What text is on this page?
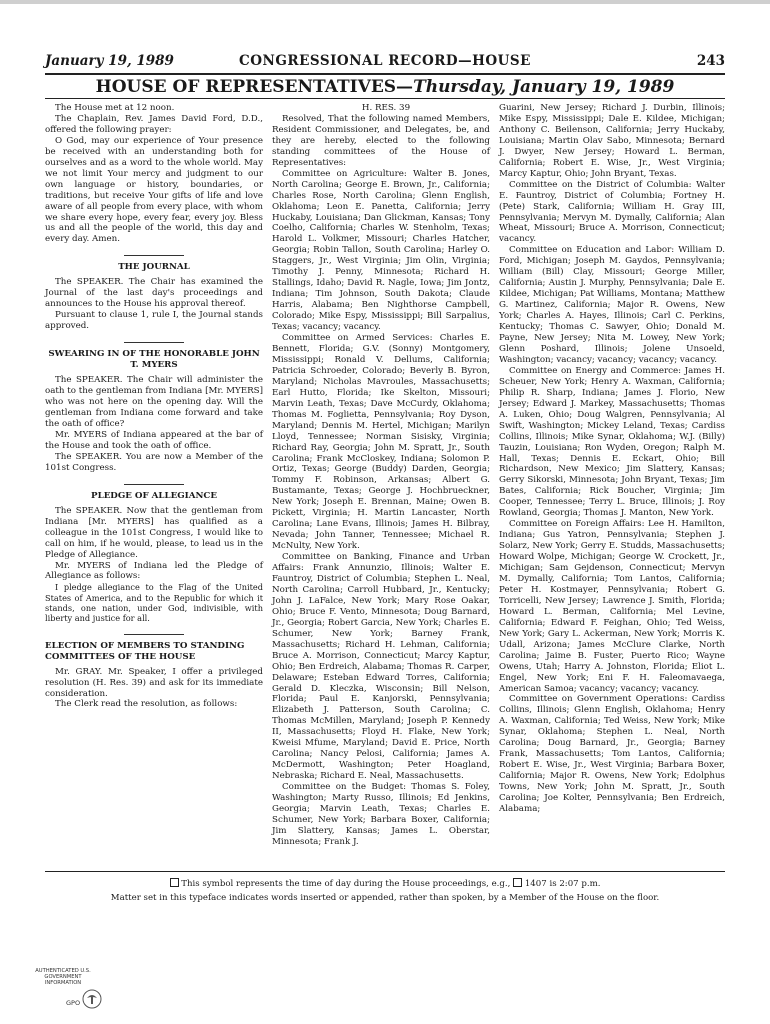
January 19, 1989	CONGRESSIONAL RECORD—HOUSE	243
HOUSE OF REPRESENTATIVES—Thursday, January 19, 1989

The House met at 12 noon.

The Chaplain, Rev. James David Ford, D.D., offered the following prayer:

O God, may our experience of Your presence be received with an understanding both for ourselves and as a word to the whole world. May we not limit Your mercy and judgment to our own language or history, boundaries, or traditions, but receive Your gifts of life and love aware of all people from every place, with whom we share every hope, every fear, every joy. Bless us and all the people of the world, this day and every day. Amen.

THE JOURNAL

The SPEAKER. The Chair has examined the Journal of the last day's proceedings and announces to the House his approval thereof.

Pursuant to clause 1, rule I, the Journal stands approved.

SWEARING IN OF THE HONORABLE JOHN T. MYERS

The SPEAKER. The Chair will administer the oath to the gentleman from Indiana [Mr. MYERS] who was not here on the opening day. Will the gentleman from Indiana come forward and take the oath of office?

Mr. MYERS of Indiana appeared at the bar of the House and took the oath of office.

The SPEAKER. You are now a Member of the 101st Congress.

PLEDGE OF ALLEGIANCE

The SPEAKER. Now that the gentleman from Indiana [Mr. MYERS] has qualified as a colleague in the 101st Congress, I would like to call on him, if he would, please, to lead us in the Pledge of Allegiance.

Mr. MYERS of Indiana led the Pledge of Allegiance as follows:

I pledge allegiance to the Flag of the United States of America, and to the Republic for which it stands, one nation, under God, indivisible, with liberty and justice for all.

ELECTION OF MEMBERS TO STANDING COMMITTEES OF THE HOUSE

Mr. GRAY. Mr. Speaker, I offer a privileged resolution (H. Res. 39) and ask for its immediate consideration.

The Clerk read the resolution, as follows:

H. RES. 39

Resolved, That the following named Members, Resident Commissioner, and Delegates, be, and they are hereby, elected to the following standing committees of the House of Representatives:

Committee on Agriculture: Walter B. Jones, North Carolina; George E. Brown, Jr., California; Charles Rose, North Carolina; Glenn English, Oklahoma; Leon E. Panetta, California; Jerry Huckaby, Louisiana; Dan Glickman, Kansas; Tony Coelho, California; Charles W. Stenholm, Texas; Harold L. Volkmer, Missouri; Charles Hatcher, Georgia; Robin Tallon, South Carolina; Harley O. Staggers, Jr., West Virginia; Jim Olin, Virginia; Timothy J. Penny, Minnesota; Richard H. Stallings, Idaho; David R. Nagle, Iowa; Jim Jontz, Indiana; Tim Johnson, South Dakota; Claude Harris, Alabama; Ben Nighthorse Campbell, Colorado; Mike Espy, Mississippi; Bill Sarpalius, Texas; vacancy; vacancy.

Committee on Armed Services: Charles E. Bennett, Florida; G.V. (Sonny) Montgomery, Mississippi; Ronald V. Dellums, California; Patricia Schroeder, Colorado; Beverly B. Byron, Maryland; Nicholas Mavroules, Massachusetts; Earl Hutto, Florida; Ike Skelton, Missouri; Marvin Leath, Texas; Dave McCurdy, Oklahoma; Thomas M. Foglietta, Pennsylvania; Roy Dyson, Maryland; Dennis M. Hertel, Michigan; Marilyn Lloyd, Tennessee; Norman Sisisky, Virginia; Richard Ray, Georgia; John M. Spratt, Jr., South Carolina; Frank McCloskey, Indiana; Solomon P. Ortiz, Texas; George (Buddy) Darden, Georgia; Tommy F. Robinson, Arkansas; Albert G. Bustamante, Texas; George J. Hochbrueckner, New York; Joseph E. Brennan, Maine; Owen B. Pickett, Virginia; H. Martin Lancaster, North Carolina; Lane Evans, Illinois; James H. Bilbray, Nevada; John Tanner, Tennessee; Michael R. McNulty, New York.

Committee on Banking, Finance and Urban Affairs: Frank Annunzio, Illinois; Walter E. Fauntroy, District of Columbia; Stephen L. Neal, North Carolina; Carroll Hubbard, Jr., Kentucky; John J. LaFalce, New York; Mary Rose Oakar, Ohio; Bruce F. Vento, Minnesota; Doug Barnard, Jr., Georgia; Robert Garcia, New York; Charles E. Schumer, New York; Barney Frank, Massachusetts; Richard H. Lehman, California; Bruce A. Morrison, Connecticut; Marcy Kaptur, Ohio; Ben Erdreich, Alabama; Thomas R. Carper, Delaware; Esteban Edward Torres, California; Gerald D. Kleczka, Wisconsin; Bill Nelson, Florida; Paul E. Kanjorski, Pennsylvania; Elizabeth J. Patterson, South Carolina; C. Thomas McMillen, Maryland; Joseph P. Kennedy II, Massachusetts; Floyd H. Flake, New York; Kweisi Mfume, Maryland; David E. Price, North Carolina; Nancy Pelosi, California; James A. McDermott, Washington; Peter Hoagland, Nebraska; Richard E. Neal, Massachusetts.

Committee on the Budget: Thomas S. Foley, Washington; Marty Russo, Illinois; Ed Jenkins, Georgia; Marvin Leath, Texas; Charles E. Schumer, New York; Barbara Boxer, California; Jim Slattery, Kansas; James L. Oberstar, Minnesota; Frank J.

Guarini, New Jersey; Richard J. Durbin, Illinois; Mike Espy, Mississippi; Dale E. Kildee, Michigan; Anthony C. Beilenson, California; Jerry Huckaby, Louisiana; Martin Olav Sabo, Minnesota; Bernard J. Dwyer, New Jersey; Howard L. Berman, California; Robert E. Wise, Jr., West Virginia; Marcy Kaptur, Ohio; John Bryant, Texas.

Committee on the District of Columbia: Walter E. Fauntroy, District of Columbia; Fortney H. (Pete) Stark, California; William H. Gray III, Pennsylvania; Mervyn M. Dymally, California; Alan Wheat, Missouri; Bruce A. Morrison, Connecticut; vacancy.

Committee on Education and Labor: William D. Ford, Michigan; Joseph M. Gaydos, Pennsylvania; William (Bill) Clay, Missouri; George Miller, California; Austin J. Murphy, Pennsylvania; Dale E. Kildee, Michigan; Pat Williams, Montana; Matthew G. Martinez, California; Major R. Owens, New York; Charles A. Hayes, Illinois; Carl C. Perkins, Kentucky; Thomas C. Sawyer, Ohio; Donald M. Payne, New Jersey; Nita M. Lowey, New York; Glenn Poshard, Illinois; Jolene Unsoeld, Washington; vacancy; vacancy; vacancy; vacancy.

Committee on Energy and Commerce: James H. Scheuer, New York; Henry A. Waxman, California; Philip R. Sharp, Indiana; James J. Florio, New Jersey; Edward J. Markey, Massachusetts; Thomas A. Luken, Ohio; Doug Walgren, Pennsylvania; Al Swift, Washington; Mickey Leland, Texas; Cardiss Collins, Illinois; Mike Synar, Oklahoma; W.J. (Billy) Tauzin, Louisiana; Ron Wyden, Oregon; Ralph M. Hall, Texas; Dennis E. Eckart, Ohio; Bill Richardson, New Mexico; Jim Slattery, Kansas; Gerry Sikorski, Minnesota; John Bryant, Texas; Jim Bates, California; Rick Boucher, Virginia; Jim Cooper, Tennessee; Terry L. Bruce, Illinois; J. Roy Rowland, Georgia; Thomas J. Manton, New York.

Committee on Foreign Affairs: Lee H. Hamilton, Indiana; Gus Yatron, Pennsylvania; Stephen J. Solarz, New York; Gerry E. Studds, Massachusetts; Howard Wolpe, Michigan; George W. Crockett, Jr., Michigan; Sam Gejdenson, Connecticut; Mervyn M. Dymally, California; Tom Lantos, California; Peter H. Kostmayer, Pennsylvania; Robert G. Torricelli, New Jersey; Lawrence J. Smith, Florida; Howard L. Berman, California; Mel Levine, California; Edward F. Feighan, Ohio; Ted Weiss, New York; Gary L. Ackerman, New York; Morris K. Udall, Arizona; James McClure Clarke, North Carolina; Jaime B. Fuster, Puerto Rico; Wayne Owens, Utah; Harry A. Johnston, Florida; Eliot L. Engel, New York; Eni F. H. Faleomavaega, American Samoa; vacancy; vacancy; vacancy.

Committee on Government Operations: Cardiss Collins, Illinois; Glenn English, Oklahoma; Henry A. Waxman, California; Ted Weiss, New York; Mike Synar, Oklahoma; Stephen L. Neal, North Carolina; Doug Barnard, Jr., Georgia; Barney Frank, Massachusetts; Tom Lantos, California; Robert E. Wise, Jr., West Virginia; Barbara Boxer, California; Major R. Owens, New York; Edolphus Towns, New York; John M. Spratt, Jr., South Carolina; Joe Kolter, Pennsylvania; Ben Erdreich, Alabama;

This symbol represents the time of day during the House proceedings, e.g.,  1407 is 2:07 p.m.
Matter set in this typeface indicates words inserted or appended, rather than spoken, by a Member of the House on the floor.
AUTHENTICATED U.S. GOVERNMENT INFORMATION
GPO
